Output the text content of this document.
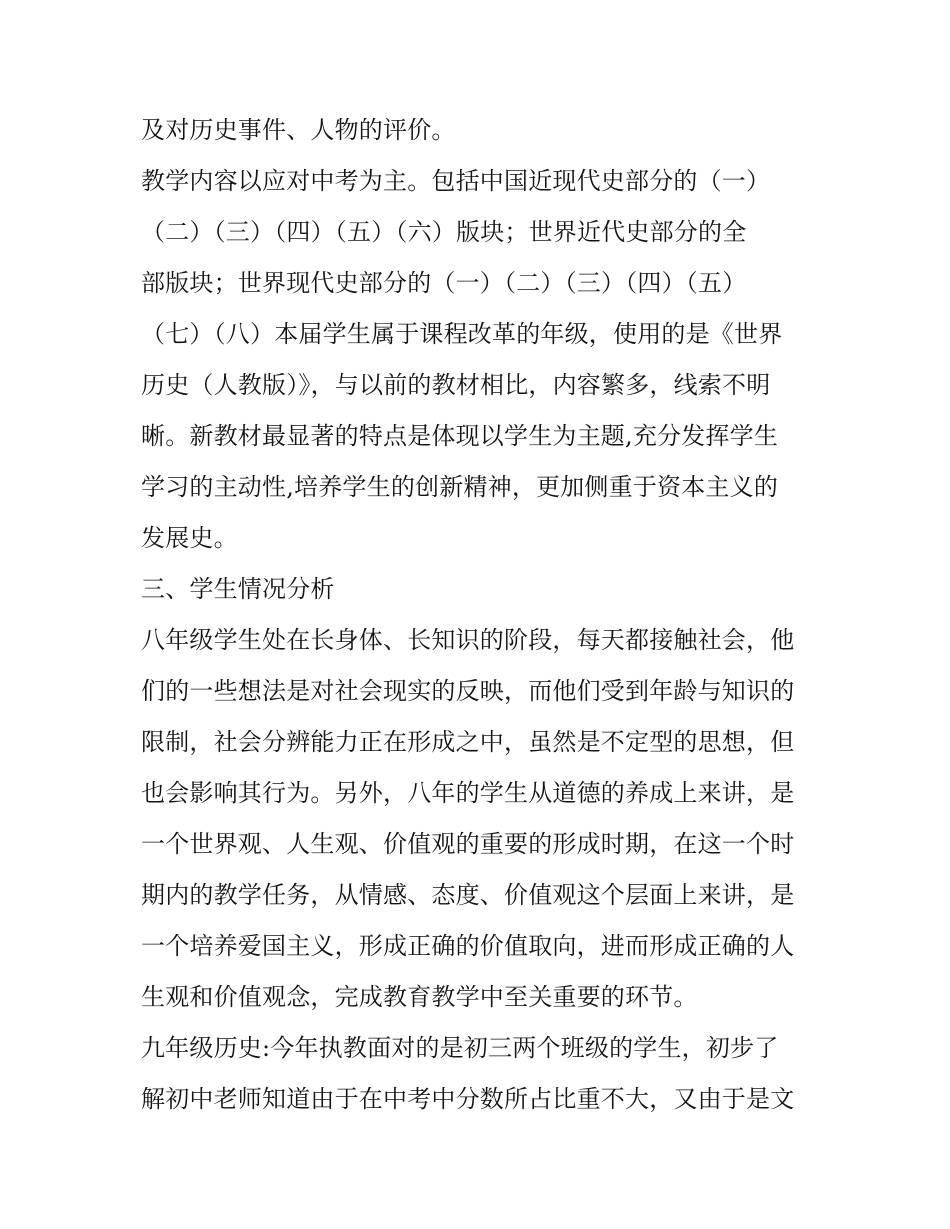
及对历史事件、人物的评价。
教学内容以应对中考为主。包括中国近现代史部分的（一）
（二）（三）（四）（五）（六）版块；世界近代史部分的全
部版块；世界现代史部分的（一）（二）（三）（四）（五）
（七）（八）本届学生属于课程改革的年级，使用的是《世界
历史（人教版）》，与以前的教材相比，内容繁多，线索不明
晰。新教材最显著的特点是体现以学生为主题,充分发挥学生
学习的主动性,培养学生的创新精神，更加侧重于资本主义的
发展史。
三、学生情况分析
八年级学生处在长身体、长知识的阶段，每天都接触社会，他
们的一些想法是对社会现实的反映，而他们受到年龄与知识的
限制，社会分辨能力正在形成之中，虽然是不定型的思想，但
也会影响其行为。另外，八年的学生从道德的养成上来讲，是
一个世界观、人生观、价值观的重要的形成时期，在这一个时
期内的教学任务，从情感、态度、价值观这个层面上来讲，是
一个培养爱国主义，形成正确的价值取向，进而形成正确的人
生观和价值观念，完成教育教学中至关重要的环节。
九年级历史:今年执教面对的是初三两个班级的学生，初步了
解初中老师知道由于在中考中分数所占比重不大，又由于是文
